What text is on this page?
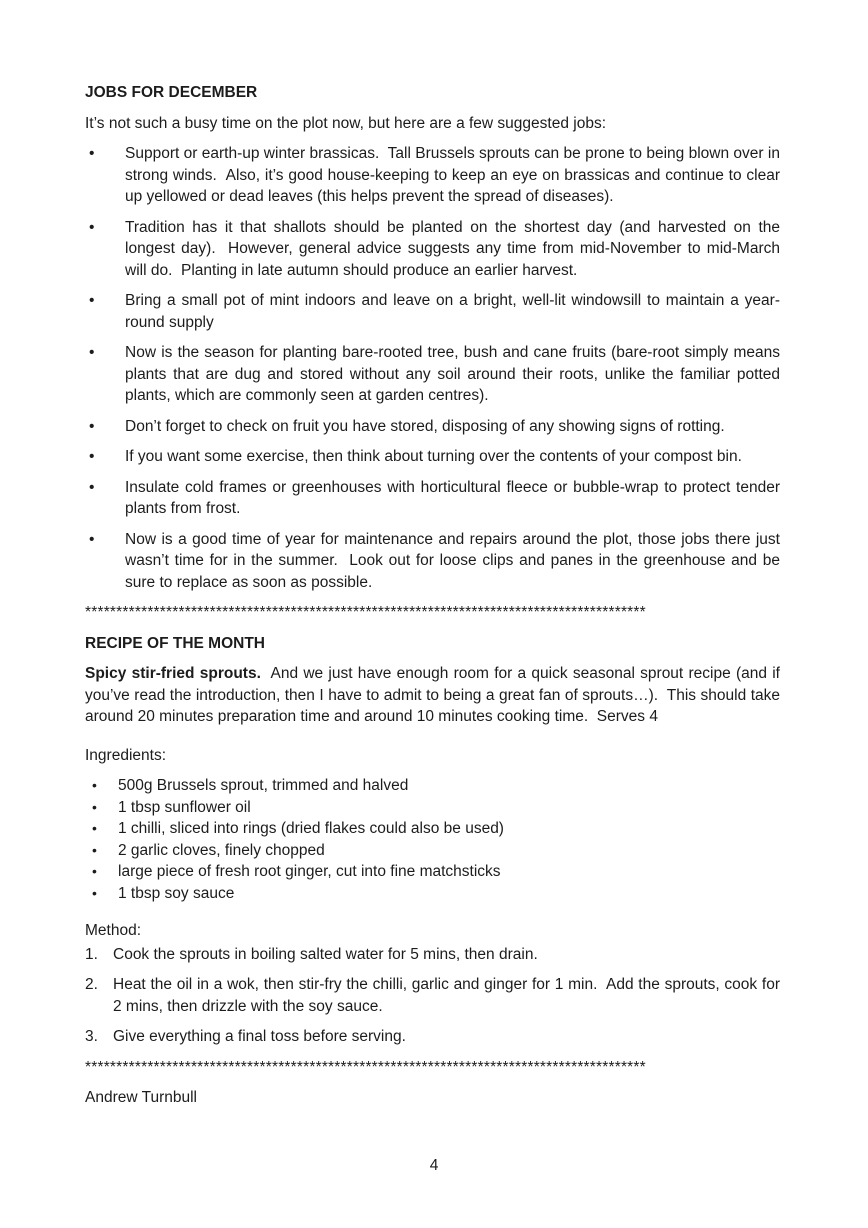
JOBS FOR DECEMBER

It’s not such a busy time on the plot now, but here are a few suggested jobs:

• Support or earth-up winter brassicas.  Tall Brussels sprouts can be prone to being blown over in strong winds.  Also, it’s good house-keeping to keep an eye on brassicas and continue to clear up yellowed or dead leaves (this helps prevent the spread of diseases).
• Tradition has it that shallots should be planted on the shortest day (and harvested on the longest day).  However, general advice suggests any time from mid-November to mid-March will do.  Planting in late autumn should produce an earlier harvest.
• Bring a small pot of mint indoors and leave on a bright, well-lit windowsill to maintain a year-round supply
• Now is the season for planting bare-rooted tree, bush and cane fruits (bare-root simply means plants that are dug and stored without any soil around their roots, unlike the familiar potted plants, which are commonly seen at garden centres).
• Don’t forget to check on fruit you have stored, disposing of any showing signs of rotting.
• If you want some exercise, then think about turning over the contents of your compost bin.
• Insulate cold frames or greenhouses with horticultural fleece or bubble-wrap to protect tender plants from frost.
• Now is a good time of year for maintenance and repairs around the plot, those jobs there just wasn’t time for in the summer.  Look out for loose clips and panes in the greenhouse and be sure to replace as soon as possible.

******************************************************************************************

RECIPE OF THE MONTH

Spicy stir-fried sprouts.  And we just have enough room for a quick seasonal sprout recipe (and if you’ve read the introduction, then I have to admit to being a great fan of sprouts…).  This should take around 20 minutes preparation time and around 10 minutes cooking time.  Serves 4

Ingredients:

• 500g Brussels sprout, trimmed and halved
• 1 tbsp sunflower oil
• 1 chilli, sliced into rings (dried flakes could also be used)
• 2 garlic cloves, finely chopped
• large piece of fresh root ginger, cut into fine matchsticks
• 1 tbsp soy sauce

Method:

1. Cook the sprouts in boiling salted water for 5 mins, then drain.
2. Heat the oil in a wok, then stir-fry the chilli, garlic and ginger for 1 min.  Add the sprouts, cook for 2 mins, then drizzle with the soy sauce.
3. Give everything a final toss before serving.

******************************************************************************************

Andrew Turnbull

4
